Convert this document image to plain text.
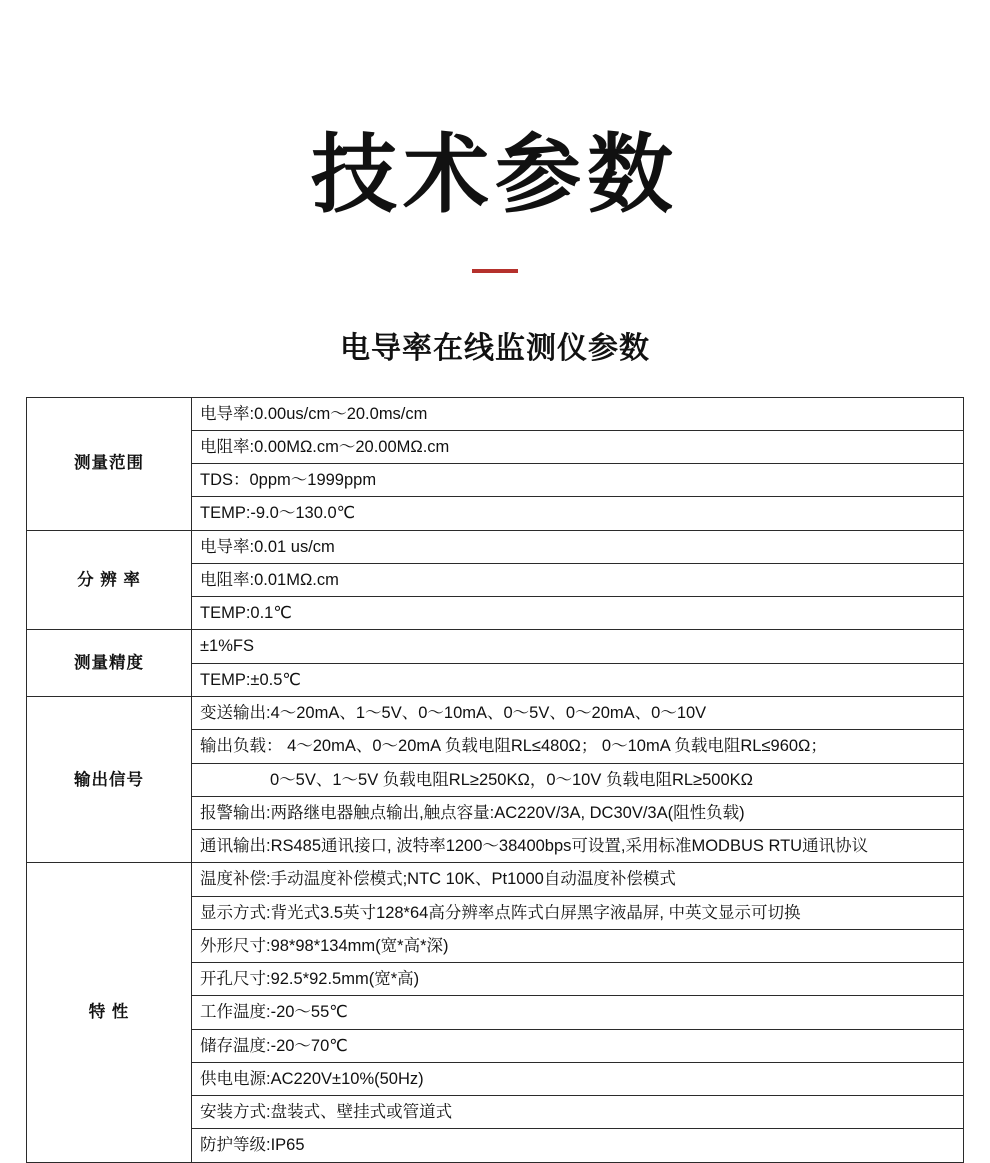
技术参数
电导率在线监测仪参数
测量范围	电导率:0.00us/cm～20.0ms/cm
	电阻率:0.00MΩ.cm～20.00MΩ.cm
	TDS：0ppm～1999ppm
	TEMP:-9.0～130.0℃
分 辨 率	电导率:0.01 us/cm
	电阻率:0.01MΩ.cm
	TEMP:0.1℃
测量精度	±1%FS
	TEMP:±0.5℃
输出信号	变送输出:4～20mA、1～5V、0～10mA、0～5V、0～20mA、0～10V
	输出负载： 4～20mA、0～20mA 负载电阻RL≤480Ω； 0～10mA 负载电阻RL≤960Ω；
	0～5V、1～5V 负载电阻RL≥250KΩ，0～10V 负载电阻RL≥500KΩ
	报警输出:两路继电器触点输出,触点容量:AC220V/3A, DC30V/3A(阻性负载)
	通讯输出:RS485通讯接口, 波特率1200～38400bps可设置,采用标准MODBUS RTU通讯协议
特 性	温度补偿:手动温度补偿模式;NTC 10K、Pt1000自动温度补偿模式
	显示方式:背光式3.5英寸128*64高分辨率点阵式白屏黑字液晶屏, 中英文显示可切换
	外形尺寸:98*98*134mm(宽*高*深)
	开孔尺寸:92.5*92.5mm(宽*高)
	工作温度:-20～55℃
	储存温度:-20～70℃
	供电电源:AC220V±10%(50Hz)
	安装方式:盘装式、壁挂式或管道式
	防护等级:IP65
